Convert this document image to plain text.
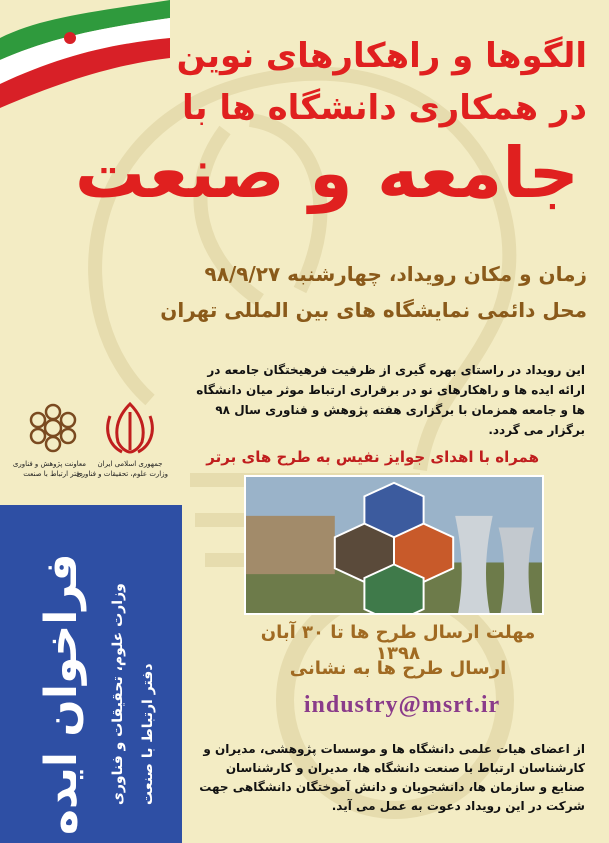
الگوها و راهکارهای نوین
در همکاری دانشگاه ها با
جامعه و صنعت
زمان و مکان رویداد، چهارشنبه ۹۸/۹/۲۷
محل دائمی نمایشگاه های بین المللی تهران
این رویداد در راستای بهره گیری از ظرفیت فرهیختگان جامعه در ارائه ایده ها و راهکارهای نو در برقراری ارتباط موثر میان دانشگاه ها و جامعه همزمان با برگزاری هفته پژوهش و فناوری سال ۹۸ برگزار می گردد.
جمهوری اسلامی ایران
وزارت علوم، تحقیقات و فناوری
معاونت پژوهش و فناوری
دفتر ارتباط با صنعت
همراه با اهدای جوایز نفیس به طرح های برتر
مهلت ارسال طرح ها تا ۳۰ آبان ۱۳۹۸
ارسال طرح ها به نشانی
industry@msrt.ir
از اعضای هیات علمی دانشگاه ها و موسسات پژوهشی، مدیران و کارشناسان ارتباط با صنعت دانشگاه ها، مدیران و کارشناسان صنایع و سازمان ها، دانشجویان و دانش آموختگان دانشگاهی جهت شرکت در این رویداد دعوت به عمل می آید.
فراخوان ایده وزارت علوم، تحقیقات و فناوری دفتر ارتباط با صنعت
